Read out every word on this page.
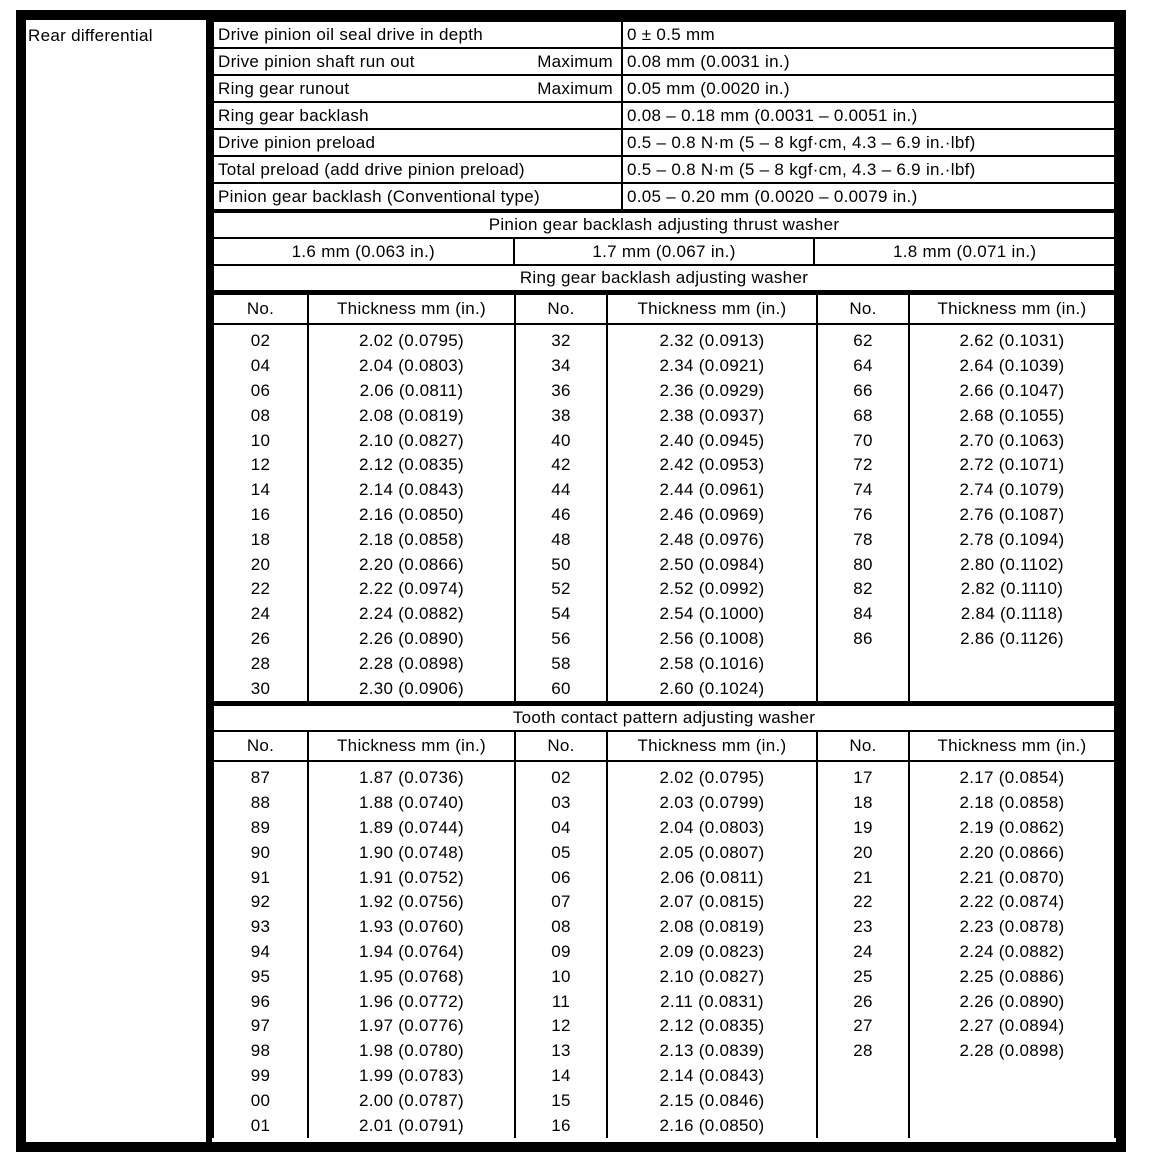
Rear differential	Drive pinion oil seal drive in depth	0 ± 0.5 mm
Drive pinion shaft run out Maximum	0.08 mm (0.0031 in.)
Ring gear runout Maximum	0.05 mm (0.0020 in.)
Ring gear backlash	0.08 – 0.18 mm (0.0031 – 0.0051 in.)
Drive pinion preload	0.5 – 0.8 N·m (5 – 8 kgf·cm, 4.3 – 6.9 in.·lbf)
Total preload (add drive pinion preload)	0.5 – 0.8 N·m (5 – 8 kgf·cm, 4.3 – 6.9 in.·lbf)
Pinion gear backlash (Conventional type)	0.05 – 0.20 mm (0.0020 – 0.0079 in.)
Pinion gear backlash adjusting thrust washer
1.6 mm (0.063 in.)	1.7 mm (0.067 in.)	1.8 mm (0.071 in.)
Ring gear backlash adjusting washer
No.	Thickness mm (in.)	No.	Thickness mm (in.)	No.	Thickness mm (in.)
02	2.02 (0.0795)	32	2.32 (0.0913)	62	2.62 (0.1031)
04	2.04 (0.0803)	34	2.34 (0.0921)	64	2.64 (0.1039)
06	2.06 (0.0811)	36	2.36 (0.0929)	66	2.66 (0.1047)
08	2.08 (0.0819)	38	2.38 (0.0937)	68	2.68 (0.1055)
10	2.10 (0.0827)	40	2.40 (0.0945)	70	2.70 (0.1063)
12	2.12 (0.0835)	42	2.42 (0.0953)	72	2.72 (0.1071)
14	2.14 (0.0843)	44	2.44 (0.0961)	74	2.74 (0.1079)
16	2.16 (0.0850)	46	2.46 (0.0969)	76	2.76 (0.1087)
18	2.18 (0.0858)	48	2.48 (0.0976)	78	2.78 (0.1094)
20	2.20 (0.0866)	50	2.50 (0.0984)	80	2.80 (0.1102)
22	2.22 (0.0974)	52	2.52 (0.0992)	82	2.82 (0.1110)
24	2.24 (0.0882)	54	2.54 (0.1000)	84	2.84 (0.1118)
26	2.26 (0.0890)	56	2.56 (0.1008)	86	2.86 (0.1126)
28	2.28 (0.0898)	58	2.58 (0.1016)		
30	2.30 (0.0906)	60	2.60 (0.1024)		
Tooth contact pattern adjusting washer
No.	Thickness mm (in.)	No.	Thickness mm (in.)	No.	Thickness mm (in.)
87	1.87 (0.0736)	02	2.02 (0.0795)	17	2.17 (0.0854)
88	1.88 (0.0740)	03	2.03 (0.0799)	18	2.18 (0.0858)
89	1.89 (0.0744)	04	2.04 (0.0803)	19	2.19 (0.0862)
90	1.90 (0.0748)	05	2.05 (0.0807)	20	2.20 (0.0866)
91	1.91 (0.0752)	06	2.06 (0.0811)	21	2.21 (0.0870)
92	1.92 (0.0756)	07	2.07 (0.0815)	22	2.22 (0.0874)
93	1.93 (0.0760)	08	2.08 (0.0819)	23	2.23 (0.0878)
94	1.94 (0.0764)	09	2.09 (0.0823)	24	2.24 (0.0882)
95	1.95 (0.0768)	10	2.10 (0.0827)	25	2.25 (0.0886)
96	1.96 (0.0772)	11	2.11 (0.0831)	26	2.26 (0.0890)
97	1.97 (0.0776)	12	2.12 (0.0835)	27	2.27 (0.0894)
98	1.98 (0.0780)	13	2.13 (0.0839)	28	2.28 (0.0898)
99	1.99 (0.0783)	14	2.14 (0.0843)		
00	2.00 (0.0787)	15	2.15 (0.0846)		
01	2.01 (0.0791)	16	2.16 (0.0850)		
